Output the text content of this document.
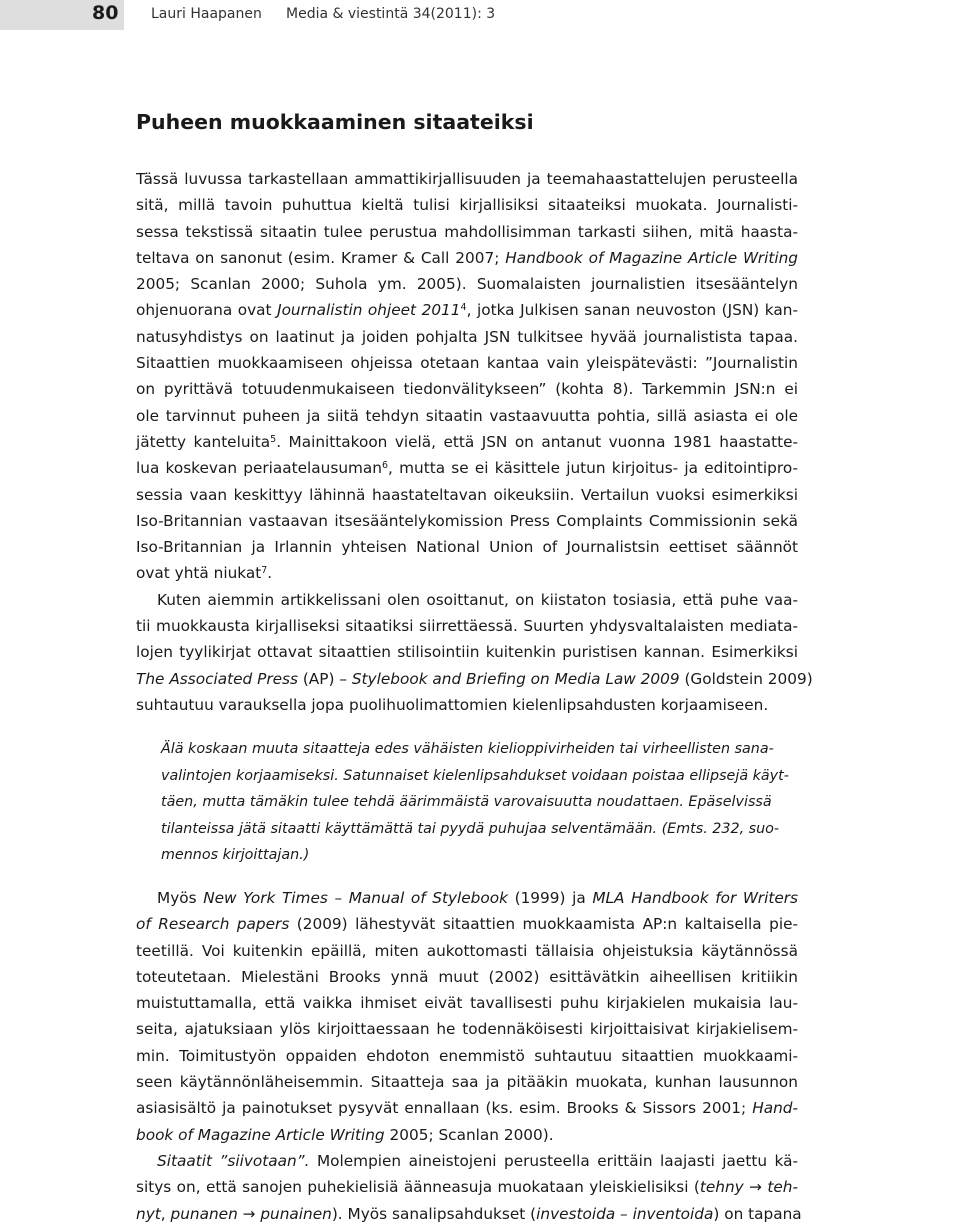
80	Lauri Haapanen Media & viestintä 34(2011): 3
Puheen muokkaaminen sitaateiksi
Tässä luvussa tarkastellaan ammattikirjallisuuden ja teemahaastattelujen perusteella
sitä, millä tavoin puhuttua kieltä tulisi kirjallisiksi sitaateiksi muokata. Journalisti-
sessa tekstissä sitaatin tulee perustua mahdollisimman tarkasti siihen, mitä haasta-
teltava on sanonut (esim. Kramer & Call 2007; Handbook of Magazine Article Writing
2005; Scanlan 2000; Suhola ym. 2005). Suomalaisten journalistien itsesääntelyn
ohjenuorana ovat Journalistin ohjeet 2011$^4$, jotka Julkisen sanan neuvoston (JSN) kan-
natusyhdistys on laatinut ja joiden pohjalta JSN tulkitsee hyvää journalistista tapaa.
Sitaattien muokkaamiseen ohjeissa otetaan kantaa vain yleispätevästi: ”Journalistin
on pyrittävä totuudenmukaiseen tiedonvälitykseen” (kohta 8). Tarkemmin JSN:n ei
ole tarvinnut puheen ja siitä tehdyn sitaatin vastaavuutta pohtia, sillä asiasta ei ole
jätetty kanteluita$^5$. Mainittakoon vielä, että JSN on antanut vuonna 1981 haastatte-
lua koskevan periaatelausuman$^6$, mutta se ei käsittele jutun kirjoitus- ja editointipro-
sessia vaan keskittyy lähinnä haastateltavan oikeuksiin. Vertailun vuoksi esimerkiksi
Iso-Britannian vastaavan itsesääntelykomission Press Complaints Commissionin sekä
Iso-Britannian ja Irlannin yhteisen National Union of Journalistsin eettiset säännöt
ovat yhtä niukat$^7$.
Kuten aiemmin artikkelissani olen osoittanut, on kiistaton tosiasia, että puhe vaa-
tii muokkausta kirjalliseksi sitaatiksi siirrettäessä. Suurten yhdysvaltalaisten mediata-
lojen tyylikirjat ottavat sitaattien stilisointiin kuitenkin puristisen kannan. Esimerkiksi
The Associated Press (AP) – Stylebook and Briefing on Media Law 2009 (Goldstein 2009)
suhtautuu varauksella jopa puolihuolimattomien kielenlipsahdusten korjaamiseen.
Älä koskaan muuta sitaatteja edes vähäisten kielioppivirheiden tai virheellisten sana-
valintojen korjaamiseksi. Satunnaiset kielenlipsahdukset voidaan poistaa ellipsejä käyt-
täen, mutta tämäkin tulee tehdä äärimmäistä varovaisuutta noudattaen. Epäselvissä
tilanteissa jätä sitaatti käyttämättä tai pyydä puhujaa selventämään. (Emts. 232, suo-
mennos kirjoittajan.)
Myös New York Times – Manual of Stylebook (1999) ja MLA Handbook for Writers
of Research papers (2009) lähestyvät sitaattien muokkaamista AP:n kaltaisella pie-
teetillä. Voi kuitenkin epäillä, miten aukottomasti tällaisia ohjeistuksia käytännössä
toteutetaan. Mielestäni Brooks ynnä muut (2002) esittävätkin aiheellisen kritiikin
muistuttamalla, että vaikka ihmiset eivät tavallisesti puhu kirjakielen mukaisia lau-
seita, ajatuksiaan ylös kirjoittaessaan he todennäköisesti kirjoittaisivat kirjakielisem-
min. Toimitustyön oppaiden ehdoton enemmistö suhtautuu sitaattien muokkaami-
seen käytännönläheisemmin. Sitaatteja saa ja pitääkin muokata, kunhan lausunnon
asiasisältö ja painotukset pysyvät ennallaan (ks. esim. Brooks & Sissors 2001; Hand-
book of Magazine Article Writing 2005; Scanlan 2000).
Sitaatit ”siivotaan”. Molempien aineistojeni perusteella erittäin laajasti jaettu kä-
sitys on, että sanojen puhekielisiä äänneasuja muokataan yleiskielisiksi (tehny → teh-
nyt, punanen → punainen). Myös sanalipsahdukset (investoida – inventoida) on tapana
